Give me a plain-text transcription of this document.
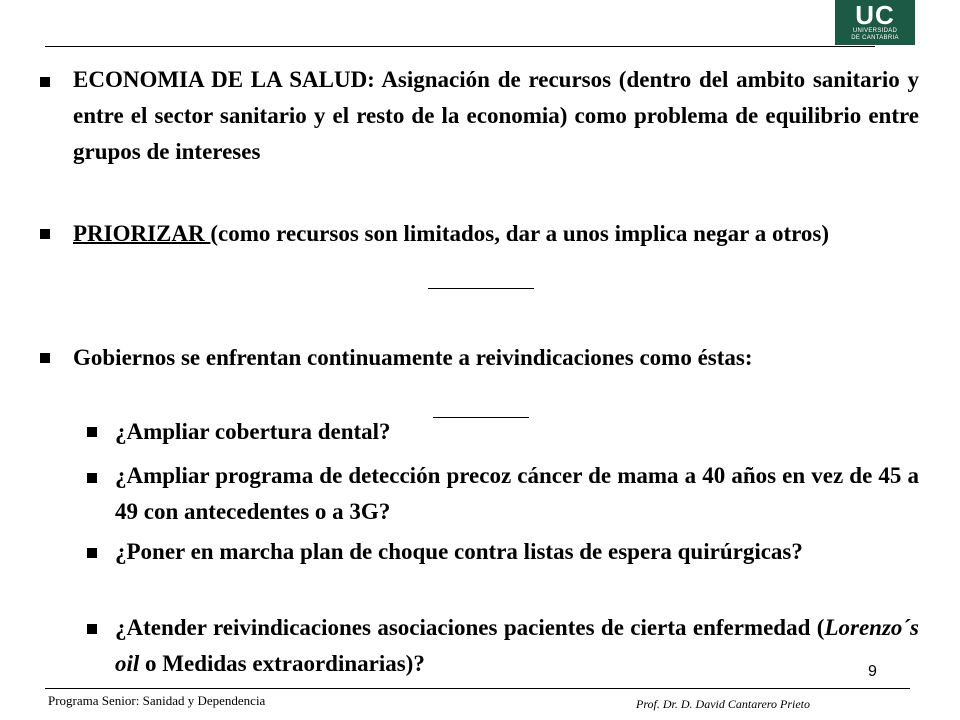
UC
UNIVERSIDAD
DE CANTABRIA
ECONOMIA DE LA SALUD: Asignación de recursos (dentro del ambito sanitario y entre el sector sanitario y el resto de la economia) como problema de equilibrio entre grupos de intereses
PRIORIZAR (como recursos son limitados, dar a unos implica negar a otros)
Gobiernos se enfrentan continuamente a reivindicaciones como éstas:
¿Ampliar cobertura dental?
¿Ampliar programa de detección precoz cáncer de mama a 40 años en vez de 45 a 49 con antecedentes o a 3G?
¿Poner en marcha plan de choque contra listas de espera quirúrgicas?
¿Atender reivindicaciones asociaciones pacientes de cierta enfermedad (Lorenzo´s oil o Medidas extraordinarias)?	9
Programa Senior: Sanidad y Dependencia	Prof. Dr. D. David Cantarero Prieto
